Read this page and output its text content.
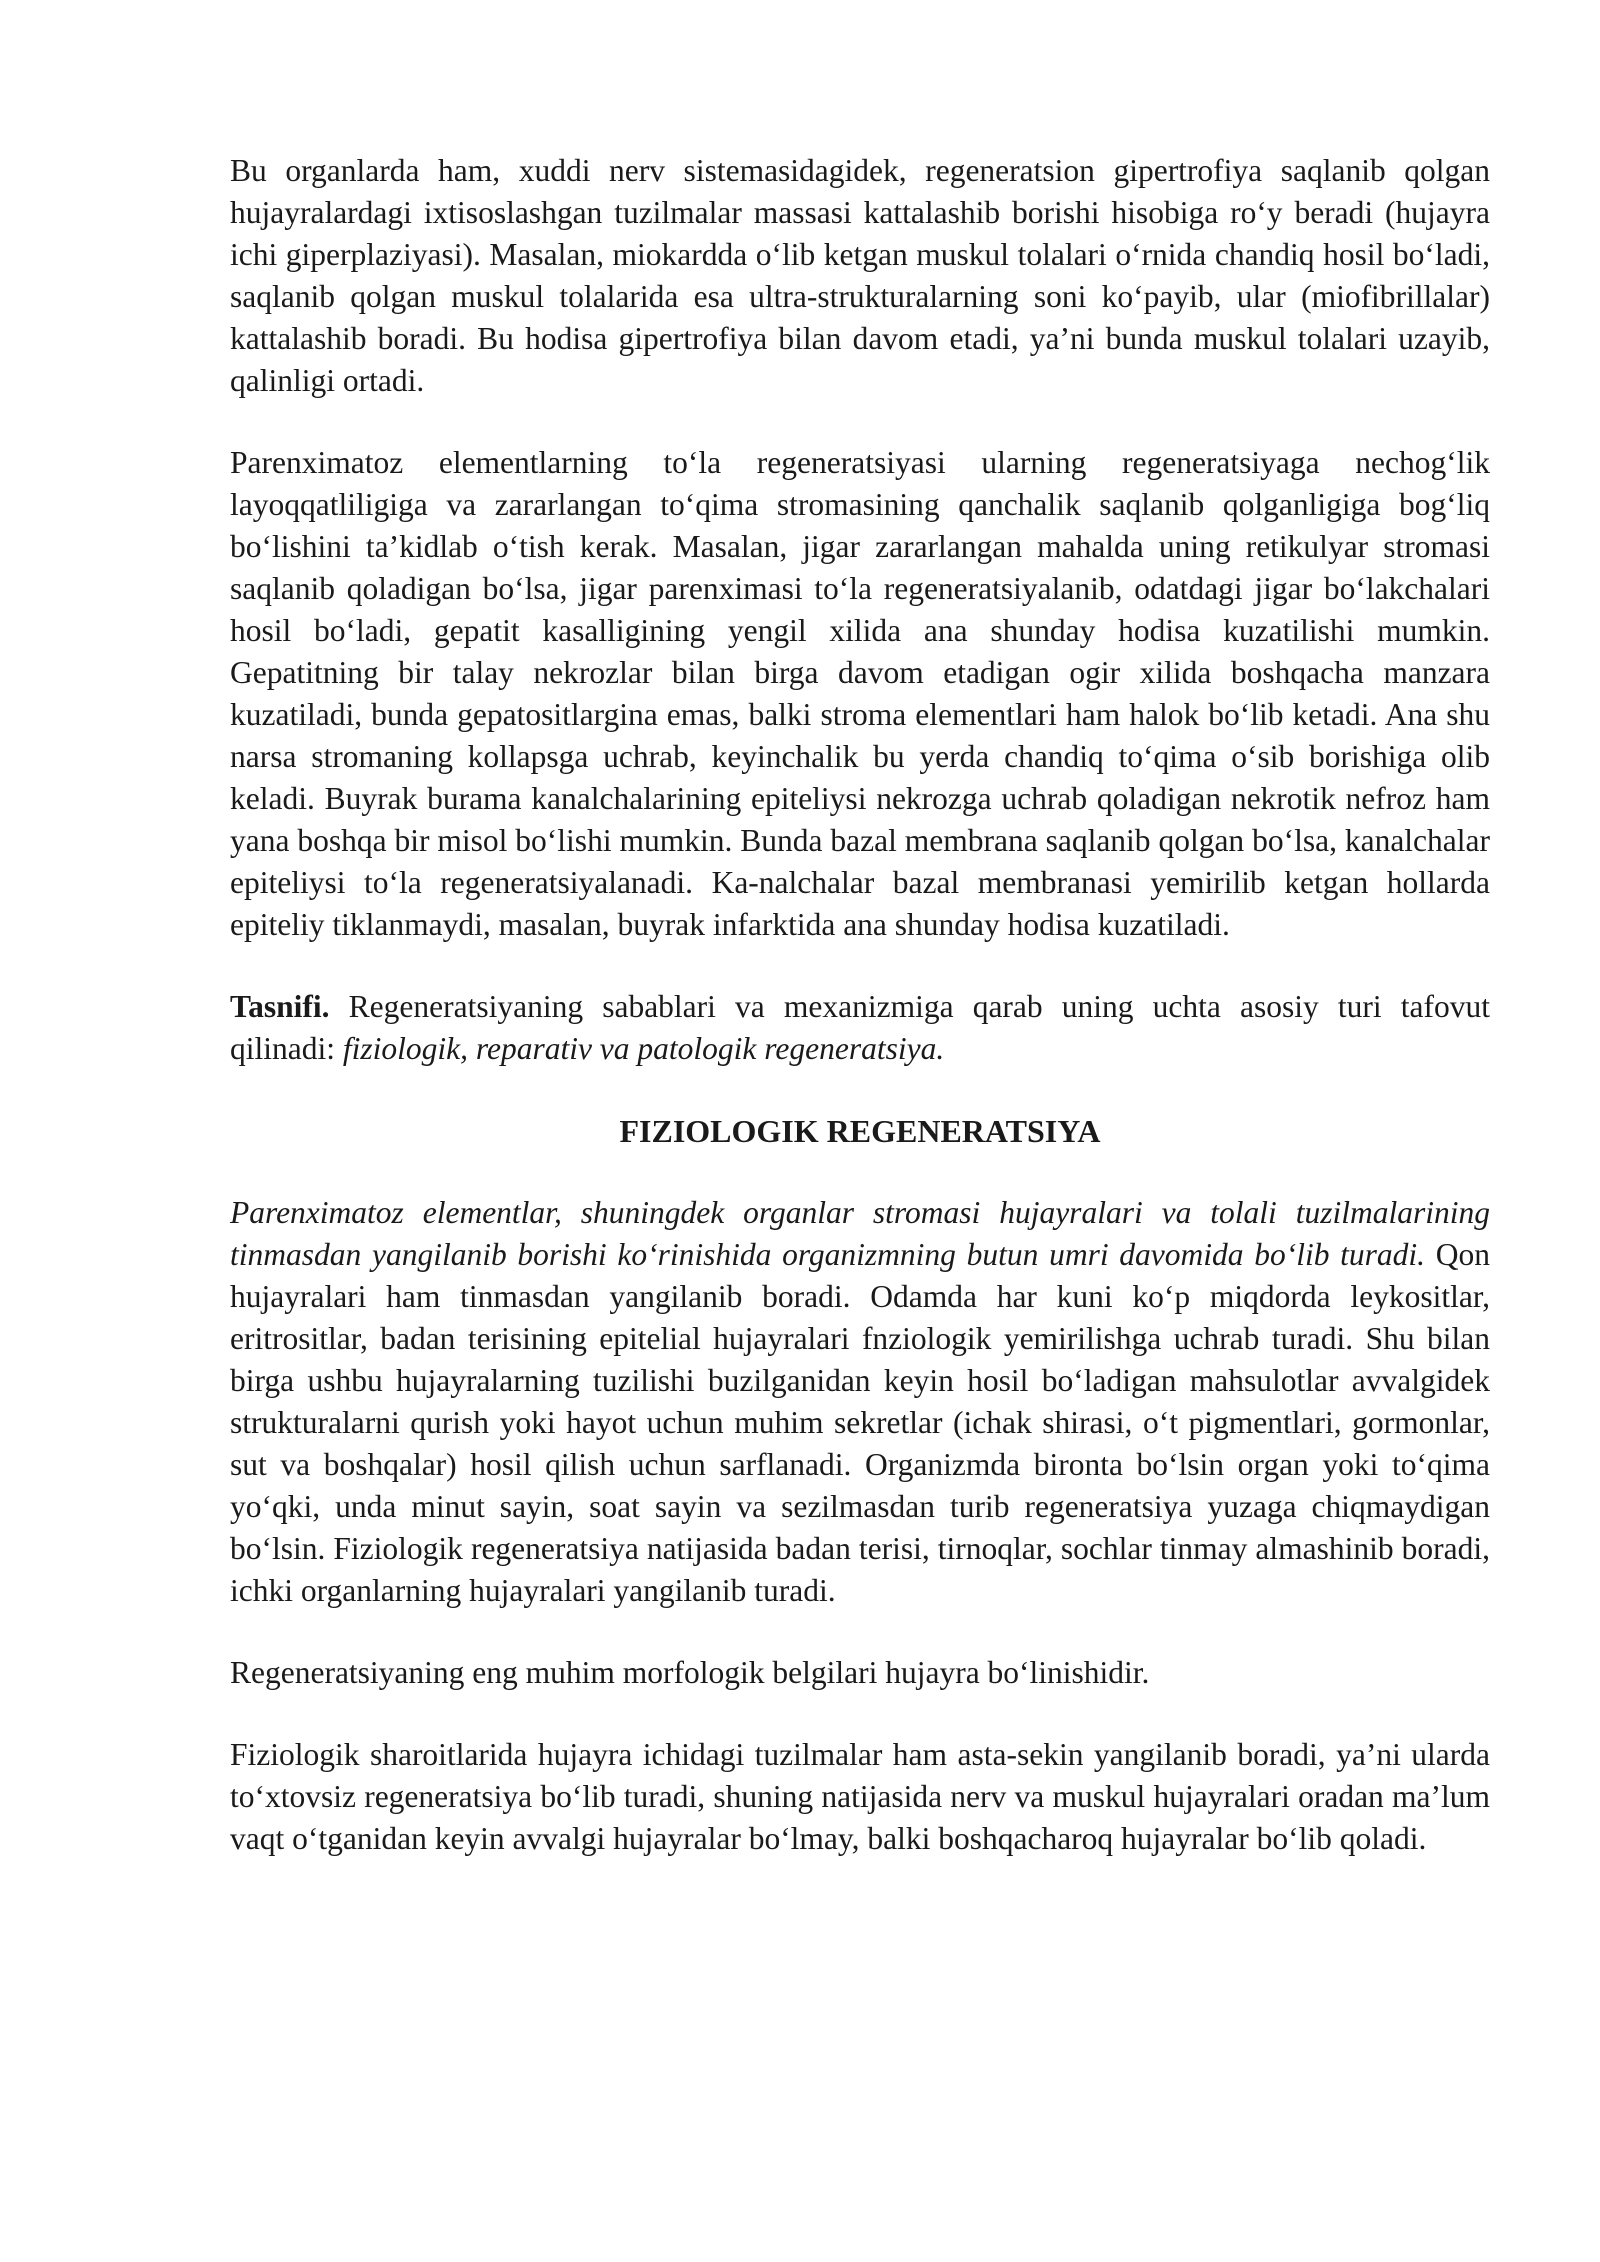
Bu organlarda ham, xuddi nerv sistemasidagidek, regeneratsion gipertrofiya saqlanib qolgan hujayralardagi ixtisoslashgan tuzilmalar massasi kattalashib borishi hisobiga ro‘y beradi (hujayra ichi giperplaziyasi). Masalan, miokardda o‘lib ketgan muskul tolalari o‘rnida chandiq hosil bo‘ladi, saqlanib qolgan muskul tolalarida esa ultra-strukturalarning soni ko‘payib, ular (miofibrillalar) kattalashib boradi. Bu hodisa gipertrofiya bilan davom etadi, ya’ni bunda muskul tolalari uzayib, qalinligi ortadi.

Parenximatoz elementlarning to‘la regeneratsiyasi ularning regeneratsiyaga nechog‘lik layoqqatliligiga va zararlangan to‘qima stromasining qanchalik saqlanib qolganligiga bog‘liq bo‘lishini ta’kidlab o‘tish kerak. Masalan, jigar zararlangan mahalda uning retikulyar stromasi saqlanib qoladigan bo‘lsa, jigar parenximasi to‘la regeneratsiyalanib, odatdagi jigar bo‘lakchalari hosil bo‘ladi, gepatit kasalligining yengil xilida ana shunday hodisa kuzatilishi mumkin. Gepatitning bir talay nekrozlar bilan birga davom etadigan ogir xilida boshqacha manzara kuzatiladi, bunda gepatositlargina emas, balki stroma elementlari ham halok bo‘lib ketadi. Ana shu narsa stromaning kollapsga uchrab, keyinchalik bu yerda chandiq to‘qima o‘sib borishiga olib keladi. Buyrak burama kanalchalarining epiteliysi nekrozga uchrab qoladigan nekrotik nefroz ham yana boshqa bir misol bo‘lishi mumkin. Bunda bazal membrana saqlanib qolgan bo‘lsa, kanalchalar epiteliysi to‘la regeneratsiyalanadi. Ka-nalchalar bazal membranasi yemirilib ketgan hollarda epiteliy tiklanmaydi, masalan, buyrak infarktida ana shunday hodisa kuzatiladi.

Tasnifi. Regeneratsiyaning sabablari va mexanizmiga qarab uning uchta asosiy turi tafovut qilinadi: fiziologik, reparativ va patologik regeneratsiya.

FIZIOLOGIK REGENERATSIYA

Parenximatoz elementlar, shuningdek organlar stromasi hujayralari va tolali tuzilmalarining tinmasdan yangilanib borishi ko‘rinishida organizmning butun umri davomida bo‘lib turadi. Qon hujayralari ham tinmasdan yangilanib boradi. Odamda har kuni ko‘p miqdorda leykositlar, eritrositlar, badan terisining epitelial hujayralari fnziologik yemirilishga uchrab turadi. Shu bilan birga ushbu hujayralarning tuzilishi buzilganidan keyin hosil bo‘ladigan mahsulotlar avvalgidek strukturalarni qurish yoki hayot uchun muhim sekretlar (ichak shirasi, o‘t pigmentlari, gormonlar, sut va boshqalar) hosil qilish uchun sarflanadi. Organizmda bironta bo‘lsin organ yoki to‘qima yo‘qki, unda minut sayin, soat sayin va sezilmasdan turib regeneratsiya yuzaga chiqmaydigan bo‘lsin. Fiziologik regeneratsiya natijasida badan terisi, tirnoqlar, sochlar tinmay almashinib boradi, ichki organlarning hujayralari yangilanib turadi.

Regeneratsiyaning eng muhim morfologik belgilari hujayra bo‘linishidir.

Fiziologik sharoitlarida hujayra ichidagi tuzilmalar ham asta-sekin yangilanib boradi, ya’ni ularda to‘xtovsiz regeneratsiya bo‘lib turadi, shuning natijasida nerv va muskul hujayralari oradan ma’lum vaqt o‘tganidan keyin avvalgi hujayralar bo‘lmay, balki boshqacharoq hujayralar bo‘lib qoladi.
